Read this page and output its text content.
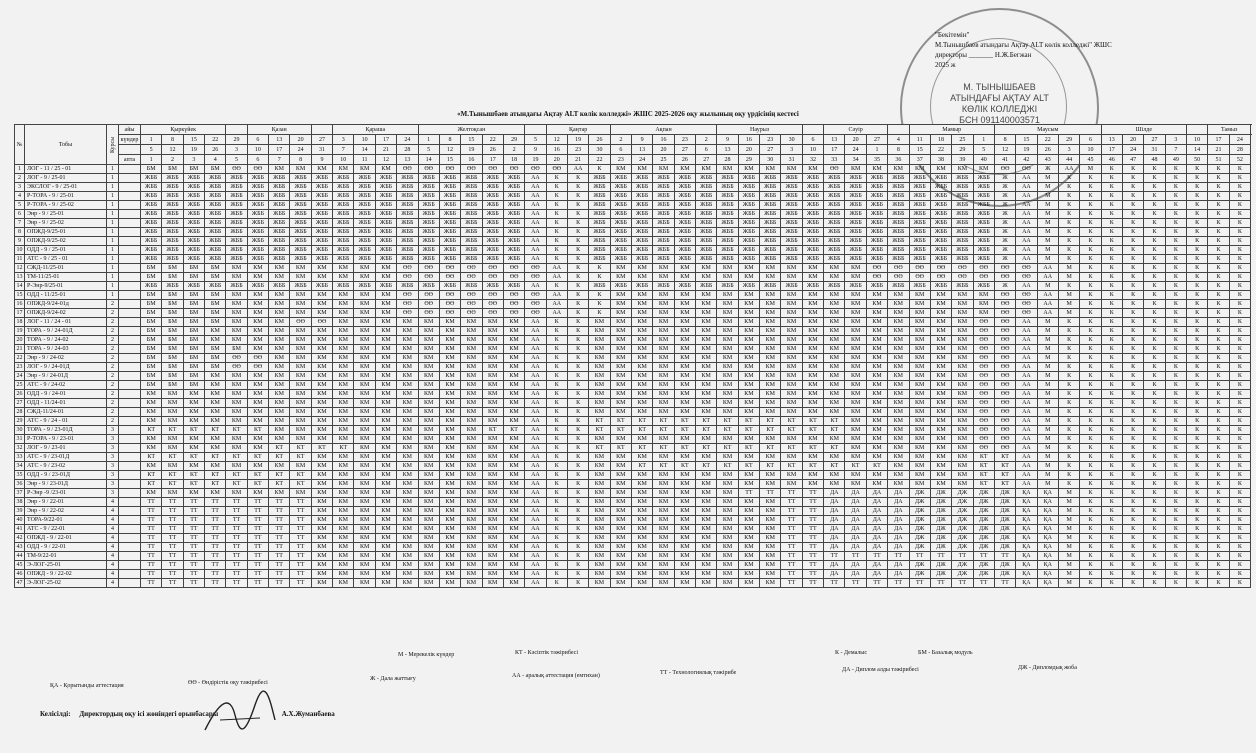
М. ТЫНЫШБАЕВ
АТЫНДАҒЫ АҚТАУ ALT
КӨЛІК КОЛЛЕДЖІ
БСН 091140003571
"Бекітемін"
М.Тынышбаев атындағы Ақтау ALT көлік колледжі" ЖШС
директоры _______ Н.Ж.Бегжан
2025 ж
«М.Тынышбаев атындағы Ақтау ALT көлік колледжі» ЖШС 2025-2026 оқу жылының оқу үрдісінің кестесі
№	Тобы	Курсы	айы	Қыркүйек					Қазан				Қараша				Желтоқсан						Қаңтар			Ақпан					Наурыз					Сәуір				Мамыр				Маусым					Шілде					Тамыз	
			күндер	1	8	15	22	29	6	13	20	27	3	10	17	24	1	8	15	22	29	5	12	19	26	2	9	16	23	2	9	16	23	30	6	13	20	27	4	11	18	25	1	8	15	22	29	6	13	20	27	3	10	17	24
				5	12	19	26	3	10	17	24	31	7	14	21	28	5	12	19	26	2	9	16	23	30	6	13	20	27	6	13	20	27	3	10	17	24	1	8	15	22	29	5	12	19	26	3	10	17	24	31	7	14	21	28
			апта	1	2	3	4	5	6	7	8	9	10	11	12	13	14	15	16	17	18	19	20	21	22	23	24	25	26	27	28	29	30	31	32	33	34	35	36	37	38	39	40	41	42	43	44	45	46	47	48	49	50	51	52
1	ЛОГ - 11 / 25 - 01	1		БМ	БМ	БМ	БМ	ӨӨ	ӨӨ	КМ	КМ	КМ	КМ	КМ	КМ	ӨӨ	ӨӨ	ӨӨ	ӨӨ	ӨӨ	ӨӨ	ӨӨ	ӨӨ	АА	К	КМ	КМ	КМ	КМ	КМ	КМ	КМ	КМ	КМ	КМ	ӨӨ	КМ	КМ	КМ	КМ	КМ	КМ	КМ	ӨӨ	ӨӨ	Ж	АА	М	К	К	К	К	К	К	К
2	ЛОГ - 9 / 25-01	1		ЖББ	ЖББ	ЖББ	ЖББ	ЖББ	ЖББ	ЖББ	ЖББ	ЖББ	ЖББ	ЖББ	ЖББ	ЖББ	ЖББ	ЖББ	ЖББ	ЖББ	ЖББ	АА	К	К	ЖББ	ЖББ	ЖББ	ЖББ	ЖББ	ЖББ	ЖББ	ЖББ	ЖББ	ЖББ	ЖББ	ЖББ	ЖББ	ЖББ	ЖББ	ЖББ	ЖББ	ЖББ	ЖББ	Ж	АА	М	К	К	К	К	К	К	К	К	К
3	ЭКСЛОГ - 9 / 25-01	1		ЖББ	ЖББ	ЖББ	ЖББ	ЖББ	ЖББ	ЖББ	ЖББ	ЖББ	ЖББ	ЖББ	ЖББ	ЖББ	ЖББ	ЖББ	ЖББ	ЖББ	ЖББ	АА	К	К	ЖББ	ЖББ	ЖББ	ЖББ	ЖББ	ЖББ	ЖББ	ЖББ	ЖББ	ЖББ	ЖББ	ЖББ	ЖББ	ЖББ	ЖББ	ЖББ	ЖББ	ЖББ	ЖББ	Ж	АА	М	К	К	К	К	К	К	К	К	К
4	Р-ТОРА - 9 / 25-01	1		ЖББ	ЖББ	ЖББ	ЖББ	ЖББ	ЖББ	ЖББ	ЖББ	ЖББ	ЖББ	ЖББ	ЖББ	ЖББ	ЖББ	ЖББ	ЖББ	ЖББ	ЖББ	АА	К	К	ЖББ	ЖББ	ЖББ	ЖББ	ЖББ	ЖББ	ЖББ	ЖББ	ЖББ	ЖББ	ЖББ	ЖББ	ЖББ	ЖББ	ЖББ	ЖББ	ЖББ	ЖББ	ЖББ	Ж	АА	М	К	К	К	К	К	К	К	К	К
5	Р-ТОРА - 9 / 25-02	1		ЖББ	ЖББ	ЖББ	ЖББ	ЖББ	ЖББ	ЖББ	ЖББ	ЖББ	ЖББ	ЖББ	ЖББ	ЖББ	ЖББ	ЖББ	ЖББ	ЖББ	ЖББ	АА	К	К	ЖББ	ЖББ	ЖББ	ЖББ	ЖББ	ЖББ	ЖББ	ЖББ	ЖББ	ЖББ	ЖББ	ЖББ	ЖББ	ЖББ	ЖББ	ЖББ	ЖББ	ЖББ	ЖББ	Ж	АА	М	К	К	К	К	К	К	К	К	К
6	Энр - 9 / 25-01	1		ЖББ	ЖББ	ЖББ	ЖББ	ЖББ	ЖББ	ЖББ	ЖББ	ЖББ	ЖББ	ЖББ	ЖББ	ЖББ	ЖББ	ЖББ	ЖББ	ЖББ	ЖББ	АА	К	К	ЖББ	ЖББ	ЖББ	ЖББ	ЖББ	ЖББ	ЖББ	ЖББ	ЖББ	ЖББ	ЖББ	ЖББ	ЖББ	ЖББ	ЖББ	ЖББ	ЖББ	ЖББ	ЖББ	Ж	АА	М	К	К	К	К	К	К	К	К	К
7	Энр - 9 / 25-02	1		ЖББ	ЖББ	ЖББ	ЖББ	ЖББ	ЖББ	ЖББ	ЖББ	ЖББ	ЖББ	ЖББ	ЖББ	ЖББ	ЖББ	ЖББ	ЖББ	ЖББ	ЖББ	АА	К	К	ЖББ	ЖББ	ЖББ	ЖББ	ЖББ	ЖББ	ЖББ	ЖББ	ЖББ	ЖББ	ЖББ	ЖББ	ЖББ	ЖББ	ЖББ	ЖББ	ЖББ	ЖББ	ЖББ	Ж	АА	М	К	К	К	К	К	К	К	К	К
8	ОПЖД-9/25-01	1		ЖББ	ЖББ	ЖББ	ЖББ	ЖББ	ЖББ	ЖББ	ЖББ	ЖББ	ЖББ	ЖББ	ЖББ	ЖББ	ЖББ	ЖББ	ЖББ	ЖББ	ЖББ	АА	К	К	ЖББ	ЖББ	ЖББ	ЖББ	ЖББ	ЖББ	ЖББ	ЖББ	ЖББ	ЖББ	ЖББ	ЖББ	ЖББ	ЖББ	ЖББ	ЖББ	ЖББ	ЖББ	ЖББ	Ж	АА	М	К	К	К	К	К	К	К	К	К
9	ОПЖД-9/25-02	1		ЖББ	ЖББ	ЖББ	ЖББ	ЖББ	ЖББ	ЖББ	ЖББ	ЖББ	ЖББ	ЖББ	ЖББ	ЖББ	ЖББ	ЖББ	ЖББ	ЖББ	ЖББ	АА	К	К	ЖББ	ЖББ	ЖББ	ЖББ	ЖББ	ЖББ	ЖББ	ЖББ	ЖББ	ЖББ	ЖББ	ЖББ	ЖББ	ЖББ	ЖББ	ЖББ	ЖББ	ЖББ	ЖББ	Ж	АА	М	К	К	К	К	К	К	К	К	К
10	ОДД - 9 / 25-01	1		ЖББ	ЖББ	ЖББ	ЖББ	ЖББ	ЖББ	ЖББ	ЖББ	ЖББ	ЖББ	ЖББ	ЖББ	ЖББ	ЖББ	ЖББ	ЖББ	ЖББ	ЖББ	АА	К	К	ЖББ	ЖББ	ЖББ	ЖББ	ЖББ	ЖББ	ЖББ	ЖББ	ЖББ	ЖББ	ЖББ	ЖББ	ЖББ	ЖББ	ЖББ	ЖББ	ЖББ	ЖББ	ЖББ	Ж	АА	М	К	К	К	К	К	К	К	К	К
11	АТС - 9 / 25 - 01	1		ЖББ	ЖББ	ЖББ	ЖББ	ЖББ	ЖББ	ЖББ	ЖББ	ЖББ	ЖББ	ЖББ	ЖББ	ЖББ	ЖББ	ЖББ	ЖББ	ЖББ	ЖББ	АА	К	К	ЖББ	ЖББ	ЖББ	ЖББ	ЖББ	ЖББ	ЖББ	ЖББ	ЖББ	ЖББ	ЖББ	ЖББ	ЖББ	ЖББ	ЖББ	ЖББ	ЖББ	ЖББ	ЖББ	Ж	АА	М	К	К	К	К	К	К	К	К	К
12	СЖД-11/25-01	1		БМ	БМ	БМ	БМ	КМ	КМ	КМ	КМ	КМ	КМ	КМ	КМ	ӨӨ	ӨӨ	ӨӨ	ӨӨ	ӨӨ	ӨӨ	ӨӨ	АА	К	К	КМ	КМ	КМ	КМ	КМ	КМ	КМ	КМ	КМ	КМ	КМ	КМ	ӨӨ	ӨӨ	ӨӨ	ӨӨ	ӨӨ	ӨӨ	ӨӨ	ӨӨ	АА	М	К	К	К	К	К	К	К	К
13	ТМ-11/25-01	1		БМ	БМ	БМ	БМ	КМ	КМ	КМ	КМ	КМ	КМ	КМ	КМ	ӨӨ	ӨӨ	ӨӨ	ӨӨ	ӨӨ	ӨӨ	ӨӨ	АА	К	К	КМ	КМ	КМ	КМ	КМ	КМ	КМ	КМ	КМ	КМ	КМ	КМ	ӨӨ	ӨӨ	ӨӨ	ӨӨ	ӨӨ	ӨӨ	ӨӨ	ӨӨ	АА	М	К	К	К	К	К	К	К	К
14	Р-Энр-9/25-01	1		ЖББ	ЖББ	ЖББ	ЖББ	ЖББ	ЖББ	ЖББ	ЖББ	ЖББ	ЖББ	ЖББ	ЖББ	ЖББ	ЖББ	ЖББ	ЖББ	ЖББ	ЖББ	АА	К	К	ЖББ	ЖББ	ЖББ	ЖББ	ЖББ	ЖББ	ЖББ	ЖББ	ЖББ	ЖББ	ЖББ	ЖББ	ЖББ	ЖББ	ЖББ	ЖББ	ЖББ	ЖББ	ЖББ	Ж	АА	М	К	К	К	К	К	К	К	К	К
15	ОДД - 11/25-01	1		БМ	БМ	БМ	БМ	КМ	КМ	КМ	КМ	КМ	КМ	КМ	КМ	ӨӨ	ӨӨ	ӨӨ	ӨӨ	ӨӨ	ӨӨ	ӨӨ	АА	К	К	КМ	КМ	КМ	КМ	КМ	КМ	КМ	КМ	КМ	КМ	КМ	КМ	КМ	КМ	КМ	КМ	КМ	КМ	ӨӨ	ӨӨ	АА	М	К	К	К	К	К	К	К	К
16	ОПЖД-9/24-01д	2		БМ	БМ	БМ	БМ	КМ	КМ	КМ	КМ	КМ	КМ	КМ	КМ	ӨӨ	ӨӨ	ӨӨ	ӨӨ	ӨӨ	ӨӨ	ӨӨ	АА	К	К	КМ	КМ	КМ	КМ	КМ	КМ	КМ	КМ	КМ	КМ	КМ	КМ	КМ	КМ	КМ	КМ	КМ	КМ	ӨӨ	ӨӨ	АА	М	К	К	К	К	К	К	К	К
17	ОПЖД-9/24-02	2		БМ	БМ	БМ	БМ	КМ	КМ	КМ	КМ	КМ	КМ	КМ	КМ	ӨӨ	ӨӨ	ӨӨ	ӨӨ	ӨӨ	ӨӨ	ӨӨ	АА	К	К	КМ	КМ	КМ	КМ	КМ	КМ	КМ	КМ	КМ	КМ	КМ	КМ	КМ	КМ	КМ	КМ	КМ	КМ	ӨӨ	ӨӨ	АА	М	К	К	К	К	К	К	К	К
18	ЛОГ - 11 / 24 - 01	2		БМ	БМ	БМ	БМ	КМ	КМ	КМ	ӨӨ	ӨӨ	КМ	КМ	КМ	КМ	КМ	КМ	КМ	КМ	КМ	АА	К	К	КМ	КМ	КМ	КМ	КМ	КМ	КМ	КМ	КМ	КМ	КМ	КМ	КМ	КМ	КМ	КМ	КМ	КМ	ӨӨ	ӨӨ	АА	М	К	К	К	К	К	К	К	К	К
19	ТОРА - 9 / 24-01Д	2		БМ	БМ	БМ	КМ	КМ	КМ	КМ	КМ	КМ	КМ	КМ	КМ	КМ	КМ	КМ	КМ	КМ	КМ	АА	К	К	КМ	КМ	КМ	КМ	КМ	КМ	КМ	КМ	КМ	КМ	КМ	КМ	КМ	КМ	КМ	КМ	КМ	КМ	ӨӨ	ӨӨ	АА	М	К	К	К	К	К	К	К	К	К
20	ТОРА - 9 / 24-02	2		БМ	БМ	БМ	КМ	КМ	КМ	КМ	КМ	КМ	КМ	КМ	КМ	КМ	КМ	КМ	КМ	КМ	КМ	АА	К	К	КМ	КМ	КМ	КМ	КМ	КМ	КМ	КМ	КМ	КМ	КМ	КМ	КМ	КМ	КМ	КМ	КМ	КМ	ӨӨ	ӨӨ	АА	М	К	К	К	К	К	К	К	К	К
21	ТОРА - 9 / 24-03	2		БМ	БМ	БМ	БМ	БМ	КМ	КМ	КМ	КМ	КМ	КМ	КМ	КМ	КМ	КМ	КМ	КМ	КМ	АА	К	К	КМ	КМ	КМ	КМ	КМ	КМ	КМ	КМ	КМ	КМ	КМ	КМ	КМ	КМ	КМ	КМ	КМ	КМ	ӨӨ	ӨӨ	АА	М	К	К	К	К	К	К	К	К	К
22	Энр - 9 / 24-02	2		БМ	БМ	БМ	БМ	ӨӨ	ӨӨ	КМ	КМ	КМ	КМ	КМ	КМ	КМ	КМ	КМ	КМ	КМ	КМ	АА	К	К	КМ	КМ	КМ	КМ	КМ	КМ	КМ	КМ	КМ	КМ	КМ	КМ	КМ	КМ	КМ	КМ	КМ	КМ	ӨӨ	ӨӨ	АА	М	К	К	К	К	К	К	К	К	К
23	ЛОГ - 9 / 24-01Д	2		БМ	БМ	БМ	БМ	ӨӨ	ӨӨ	КМ	КМ	КМ	КМ	КМ	КМ	КМ	КМ	КМ	КМ	КМ	КМ	АА	К	К	КМ	КМ	КМ	КМ	КМ	КМ	КМ	КМ	КМ	КМ	КМ	КМ	КМ	КМ	КМ	КМ	КМ	КМ	ӨӨ	ӨӨ	АА	М	К	К	К	К	К	К	К	К	К
24	Энр - 9 / 24-01Д	2		БМ	БМ	БМ	КМ	КМ	КМ	КМ	КМ	КМ	КМ	КМ	КМ	КМ	КМ	КМ	КМ	КМ	КМ	АА	К	К	КМ	КМ	КМ	КМ	КМ	КМ	КМ	КМ	КМ	КМ	КМ	КМ	КМ	КМ	КМ	КМ	КМ	КМ	ӨӨ	ӨӨ	АА	М	К	К	К	К	К	К	К	К	К
25	АТС - 9 / 24-02	2		БМ	БМ	БМ	КМ	КМ	КМ	КМ	КМ	КМ	КМ	КМ	КМ	КМ	КМ	КМ	КМ	КМ	КМ	АА	К	К	КМ	КМ	КМ	КМ	КМ	КМ	КМ	КМ	КМ	КМ	КМ	КМ	КМ	КМ	КМ	КМ	КМ	КМ	ӨӨ	ӨӨ	АА	М	К	К	К	К	К	К	К	К	К
26	ОДД - 9 / 24-01	2		КМ	КМ	КМ	КМ	КМ	КМ	КМ	КМ	КМ	КМ	КМ	КМ	КМ	КМ	КМ	КМ	КМ	КМ	АА	К	К	КМ	КМ	КМ	КМ	КМ	КМ	КМ	КМ	КМ	КМ	КМ	КМ	КМ	КМ	КМ	КМ	КМ	КМ	ӨӨ	ӨӨ	АА	М	К	К	К	К	К	К	К	К	К
27	ОДД - 11/24-01	2		КМ	КМ	КМ	КМ	КМ	КМ	КМ	КМ	КМ	КМ	КМ	КМ	КМ	КМ	КМ	КМ	КМ	КМ	АА	К	К	КМ	КМ	КМ	КМ	КМ	КМ	КМ	КМ	КМ	КМ	КМ	КМ	КМ	КМ	КМ	КМ	КМ	КМ	ӨӨ	ӨӨ	АА	М	К	К	К	К	К	К	К	К	К
28	СЖД-11/24-01	2		КМ	КМ	КМ	КМ	КМ	КМ	КМ	КМ	КМ	КМ	КМ	КМ	КМ	КМ	КМ	КМ	КМ	КМ	АА	К	К	КМ	КМ	КМ	КМ	КМ	КМ	КМ	КМ	КМ	КМ	КМ	КМ	КМ	КМ	КМ	КМ	КМ	КМ	ӨӨ	ӨӨ	АА	М	К	К	К	К	К	К	К	К	К
29	АТС - 9 / 24 - 01	2		КМ	КМ	КМ	КМ	КМ	КМ	КМ	КМ	КМ	КМ	КМ	КМ	КМ	КМ	КМ	КМ	КМ	КМ	АА	К	К	КТ	КТ	КТ	КТ	КТ	КТ	КТ	КТ	КТ	КТ	КТ	КТ	КМ	КМ	КМ	КМ	КМ	КМ	ӨӨ	ӨӨ	АА	М	К	К	К	К	К	К	К	К	К
30	ТОРА - 9 / 23-01Д	3		КТ	КТ	КТ	КТ	КТ	КТ	КМ	КМ	КМ	КМ	КМ	КМ	КМ	КМ	КМ	КМ	КТ	КТ	АА	К	К	КТ	КТ	КТ	КТ	КТ	КТ	КТ	КТ	КТ	КТ	КТ	КТ	КМ	КМ	КМ	КМ	КМ	КМ	ӨӨ	ӨӨ	АА	М	К	К	К	К	К	К	К	К	К
31	Р-ТОРА - 9 / 23-01	3		КМ	КМ	КМ	КМ	КМ	КМ	КМ	КМ	КМ	КМ	КМ	КМ	КМ	КМ	КМ	КМ	КМ	КМ	АА	К	К	КМ	КМ	КМ	КМ	КМ	КМ	КМ	КМ	КМ	КМ	КМ	КМ	КМ	КМ	КМ	КМ	КМ	КМ	ӨӨ	ӨӨ	АА	М	К	К	К	К	К	К	К	К	К
32	ЛОГ - 9 / 23-01	3		КМ	КМ	КМ	КМ	КМ	КМ	КТ	КТ	КТ	КТ	КМ	КМ	КМ	КМ	КМ	КМ	КМ	КМ	АА	К	К	КТ	КТ	КТ	КТ	КТ	КТ	КТ	КТ	КТ	КТ	КТ	КТ	КМ	КМ	КМ	КМ	КМ	КМ	ӨӨ	ӨӨ	АА	М	К	К	К	К	К	К	К	К	К
33	АТС - 9 / 23-01Д	3		КТ	КТ	КТ	КТ	КТ	КТ	КТ	КТ	КМ	КМ	КМ	КМ	КМ	КМ	КМ	КМ	КМ	КМ	АА	К	К	КМ	КМ	КМ	КМ	КМ	КМ	КМ	КМ	КМ	КМ	КМ	КМ	КМ	КМ	КМ	КМ	КМ	КМ	КТ	КТ	АА	М	К	К	К	К	К	К	К	К	К
34	АТС - 9 / 23-02	3		КМ	КМ	КМ	КМ	КМ	КМ	КМ	КМ	КМ	КМ	КМ	КМ	КМ	КМ	КМ	КМ	КМ	КМ	АА	К	К	КМ	КМ	КТ	КТ	КТ	КТ	КТ	КТ	КТ	КТ	КТ	КТ	КТ	КТ	КМ	КМ	КМ	КМ	КТ	КТ	АА	М	К	К	К	К	К	К	К	К	К
35	ОДД - 9 / 23-01Д	3		КТ	КТ	КТ	КТ	КТ	КТ	КТ	КТ	КМ	КМ	КМ	КМ	КМ	КМ	КМ	КМ	КМ	КМ	АА	К	К	КМ	КМ	КМ	КМ	КМ	КМ	КМ	КМ	КМ	КМ	КМ	КМ	КМ	КМ	КМ	КМ	КМ	КМ	КТ	КТ	АА	М	К	К	К	К	К	К	К	К	К
36	Энр - 9 / 23-01Д	3		КТ	КТ	КТ	КТ	КТ	КТ	КТ	КТ	КМ	КМ	КМ	КМ	КМ	КМ	КМ	КМ	КМ	КМ	АА	К	К	КМ	КМ	КМ	КМ	КМ	КМ	КМ	КМ	КМ	КМ	КМ	КМ	КМ	КМ	КМ	КМ	КМ	КМ	КТ	КТ	АА	М	К	К	К	К	К	К	К	К	К
37	Р-Энр -9 /23-01	3		КМ	КМ	КМ	КМ	КМ	КМ	КМ	КМ	КМ	КМ	КМ	КМ	КМ	КМ	КМ	КМ	КМ	КМ	АА	К	К	КМ	КМ	КМ	КМ	КМ	КМ	КМ	ТТ	ТТ	ТТ	ТТ	ДА	ДА	ДА	ДА	ДЖ	ДЖ	ДЖ	ДЖ	ДЖ	ҚА	ҚА	М	К	К	К	К	К	К	К	К
38	Энр - 9 / 22-01	4		ТТ	ТТ	ТТ	ТТ	ТТ	ТТ	ТТ	ТТ	КМ	КМ	КМ	КМ	КМ	КМ	КМ	КМ	КМ	КМ	АА	К	К	КМ	КМ	КМ	КМ	КМ	КМ	КМ	КМ	КМ	ТТ	ТТ	ДА	ДА	ДА	ДА	ДЖ	ДЖ	ДЖ	ДЖ	ДЖ	ҚА	ҚА	М	К	К	К	К	К	К	К	К
39	Энр - 9 / 22-02	4		ТТ	ТТ	ТТ	ТТ	ТТ	ТТ	ТТ	ТТ	КМ	КМ	КМ	КМ	КМ	КМ	КМ	КМ	КМ	КМ	АА	К	К	КМ	КМ	КМ	КМ	КМ	КМ	КМ	КМ	КМ	ТТ	ТТ	ДА	ДА	ДА	ДА	ДЖ	ДЖ	ДЖ	ДЖ	ДЖ	ҚА	ҚА	М	К	К	К	К	К	К	К	К
40	ТОРА-9/22-01	4		ТТ	ТТ	ТТ	ТТ	ТТ	ТТ	ТТ	ТТ	КМ	КМ	КМ	КМ	КМ	КМ	КМ	КМ	КМ	КМ	АА	К	К	КМ	КМ	КМ	КМ	КМ	КМ	КМ	КМ	КМ	ТТ	ТТ	ДА	ДА	ДА	ДА	ДЖ	ДЖ	ДЖ	ДЖ	ДЖ	ҚА	ҚА	М	К	К	К	К	К	К	К	К
41	АТС - 9 / 22-01	4		ТТ	ТТ	ТТ	ТТ	ТТ	ТТ	ТТ	ТТ	КМ	КМ	КМ	КМ	КМ	КМ	КМ	КМ	КМ	КМ	АА	К	К	КМ	КМ	КМ	КМ	КМ	КМ	КМ	КМ	КМ	ТТ	ТТ	ДА	ДА	ДА	ДА	ДЖ	ДЖ	ДЖ	ДЖ	ДЖ	ҚА	ҚА	М	К	К	К	К	К	К	К	К
42	ОПЖД - 9 / 22-01	4		ТТ	ТТ	ТТ	ТТ	ТТ	ТТ	ТТ	ТТ	КМ	КМ	КМ	КМ	КМ	КМ	КМ	КМ	КМ	КМ	АА	К	К	КМ	КМ	КМ	КМ	КМ	КМ	КМ	КМ	КМ	ТТ	ТТ	ДА	ДА	ДА	ДА	ДЖ	ДЖ	ДЖ	ДЖ	ДЖ	ҚА	ҚА	М	К	К	К	К	К	К	К	К
43	ОДД - 9 / 22-01	4		ТТ	ТТ	ТТ	ТТ	ТТ	ТТ	ТТ	ТТ	КМ	КМ	КМ	КМ	КМ	КМ	КМ	КМ	КМ	КМ	АА	К	К	КМ	КМ	КМ	КМ	КМ	КМ	КМ	КМ	КМ	ТТ	ТТ	ДА	ДА	ДА	ДА	ДЖ	ДЖ	ДЖ	ДЖ	ДЖ	ҚА	ҚА	М	К	К	К	К	К	К	К	К
44	ТМ-9/22-01	4		ТТ	ТТ	ТТ	ТТ	ТТ	ТТ	ТТ	ТТ	КМ	КМ	КМ	КМ	КМ	КМ	КМ	КМ	КМ	КМ	АА	К	К	КМ	КМ	КМ	КМ	КМ	КМ	КМ	КМ	КМ	ТТ	ТТ	ТТ	ТТ	ТТ	ТТ	ТТ	ТТ	ТТ	ТТ	ТТ	ҚА	ҚА	М	К	К	К	К	К	К	К	К
45	Э-ЛОГ-25-01	4		ТТ	ТТ	ТТ	ТТ	ТТ	ТТ	ТТ	ТТ	КМ	КМ	КМ	КМ	КМ	КМ	КМ	КМ	КМ	КМ	АА	К	К	КМ	КМ	КМ	КМ	КМ	КМ	КМ	КМ	КМ	ТТ	ТТ	ДА	ДА	ДА	ДА	ДЖ	ДЖ	ДЖ	ДЖ	ДЖ	ҚА	ҚА	М	К	К	К	К	К	К	К	К
46	ОПЖД - 9 / 22-02	4		ТТ	ТТ	ТТ	ТТ	ТТ	ТТ	ТТ	ТТ	КМ	КМ	КМ	КМ	КМ	КМ	КМ	КМ	КМ	КМ	АА	К	К	КМ	КМ	КМ	КМ	КМ	КМ	КМ	КМ	КМ	ТТ	ТТ	ДА	ДА	ДА	ДА	ДЖ	ДЖ	ДЖ	ДЖ	ДЖ	ҚА	ҚА	М	К	К	К	К	К	К	К	К
47	Э-ЛОГ-25-02	4		ТТ	ТТ	ТТ	ТТ	ТТ	ТТ	ТТ	ТТ	КМ	КМ	КМ	КМ	КМ	КМ	КМ	КМ	КМ	КМ	АА	К	К	КМ	КМ	КМ	КМ	КМ	КМ	КМ	КМ	КМ	ТТ	ТТ	ТТ	ТТ	ТТ	ТТ	ТТ	ТТ	ТТ	ТТ	ТТ	ҚА	ҚА	М	К	К	К	К	К	К	К	К
М - Мерекелік күндер	КТ - Кәсіптік тәжірибесі	К - Демалыс	БМ - Базалық модуль
ҚА - Қорытынды аттестация	ӨӨ - Өндірістік оқу тәжірибесі
Ж - Дала жаттығу	АА - аралық аттестация (емтихан)	ТТ - Технологиялық тәжірибе	ДА - Диплом алды тәжірибесі	ДЖ - Дипломдық жоба
Келісілді: Директордың оқу ісі жөніндегі орынбасары	А.Х.Жуманбаева
